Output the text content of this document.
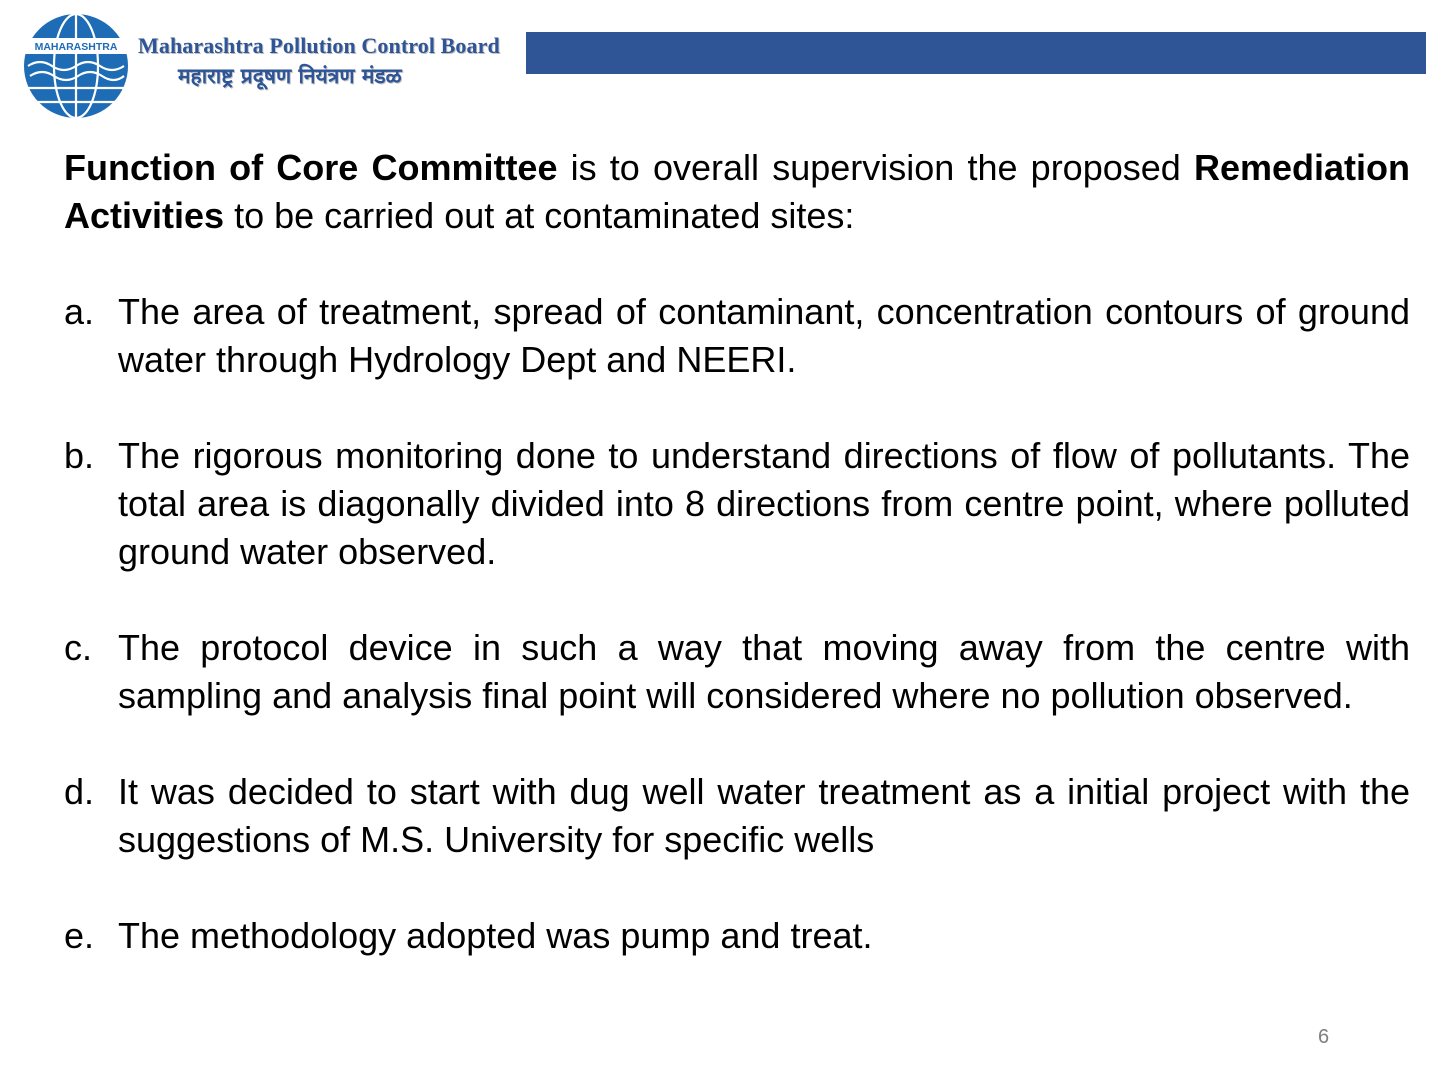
MAHARASHTRA Maharashtra Pollution Control Board
महाराष्ट्र प्रदूषण नियंत्रण मंडळ

Function of Core Committee is to overall supervision the proposed Remediation Activities to be carried out at contaminated sites:

a. The area of treatment, spread of contaminant, concentration contours of ground water through Hydrology Dept and NEERI.
b. The rigorous monitoring done to understand directions of flow of pollutants. The total area is diagonally divided into 8 directions from centre point, where polluted ground water observed.
c. The protocol device in such a way that moving away from the centre with sampling and analysis final point will considered where no pollution observed.
d. It was decided to start with dug well water treatment as a initial project with the suggestions of M.S. University for specific wells
e. The methodology adopted was pump and treat.
6
